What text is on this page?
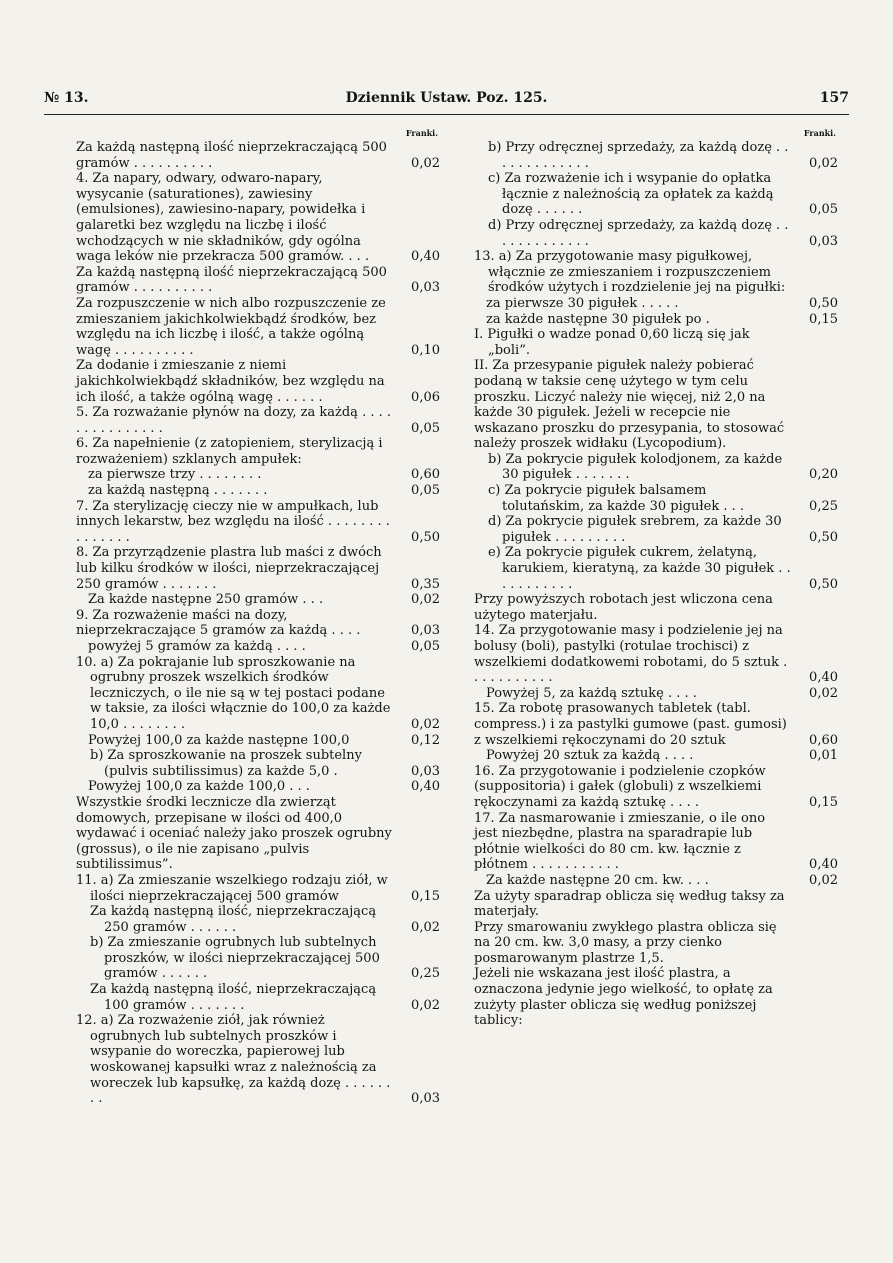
№ 13.	Dziennik Ustaw. Poz. 125.	157
Franki.
Za każdą następną ilość nieprzekraczającą 500 gramów . . . . . . . . . .	0,02
4. Za napary, odwary, odwaro-napary, wysycanie (saturationes), zawiesiny (emulsiones), zawiesino-napary, powidełka i galaretki bez względu na liczbę i ilość wchodzących w nie składników, gdy ogólna waga leków nie przekracza 500 gramów. . . .	0,40
Za każdą następną ilość nieprzekraczającą 500 gramów . . . . . . . . . .	0,03
Za rozpuszczenie w nich albo rozpuszczenie ze zmieszaniem jakichkolwiekbądź środków, bez względu na ich liczbę i ilość, a także ogólną wagę . . . . . . . . . .	0,10
Za dodanie i zmieszanie z niemi jakichkolwiekbądź składników, bez względu na ich ilość, a także ogólną wagę . . . . . .	0,06
5. Za rozważanie płynów na dozy, za każdą . . . . . . . . . . . . . . .	0,05
6. Za napełnienie (z zatopieniem, sterylizacją i rozważeniem) szklanych ampułek:
za pierwsze trzy . . . . . . . .	0,60
za każdą następną . . . . . . .	0,05
7. Za sterylizację cieczy nie w ampułkach, lub innych lekarstw, bez względu na ilość . . . . . . . . . . . . . . .	0,50
8. Za przyrządzenie plastra lub maści z dwóch lub kilku środków w ilości, nieprzekraczającej 250 gramów . . . . . . .	0,35
Za każde następne 250 gramów . . .	0,02
9. Za rozważenie maści na dozy, nieprzekraczające 5 gramów za każdą . . . .	0,03
powyżej 5 gramów za każdą . . . .	0,05
10. a) Za pokrajanie lub sproszkowanie na ogrubny proszek wszelkich środków leczniczych, o ile nie są w tej postaci podane w taksie, za ilości włącznie do 100,0 za każde 10,0 . . . . . . . .	0,02
Powyżej 100,0 za każde następne 100,0	0,12
b) Za sproszkowanie na proszek subtelny (pulvis subtilissimus) za każde 5,0 .	0,03
Powyżej 100,0 za każde 100,0 . . .	0,40
Wszystkie środki lecznicze dla zwierząt domowych, przepisane w ilości od 400,0 wydawać i oceniać należy jako proszek ogrubny (grossus), o ile nie zapisano „pulvis subtilissimus”.
11. a) Za zmieszanie wszelkiego rodzaju ziół, w ilości nieprzekraczającej 500 gramów	0,15
Za każdą następną ilość, nieprzekraczającą 250 gramów . . . . . .	0,02
b) Za zmieszanie ogrubnych lub subtelnych proszków, w ilości nieprzekraczającej 500 gramów . . . . . .	0,25
Za każdą następną ilość, nieprzekraczającą 100 gramów . . . . . . .	0,02
12. a) Za rozważenie ziół, jak również ogrubnych lub subtelnych proszków i wsypanie do woreczka, papierowej lub woskowanej kapsułki wraz z należnością za woreczek lub kapsułkę, za każdą dozę . . . . . . . .	0,03
Franki.
b) Przy odręcznej sprzedaży, za każdą dozę . . . . . . . . . . . . .	0,02
c) Za rozważenie ich i wsypanie do opłatka łącznie z należnością za opłatek za każdą dozę . . . . . .	0,05
d) Przy odręcznej sprzedaży, za każdą dozę . . . . . . . . . . . . .	0,03
13. a) Za przygotowanie masy pigułkowej, włącznie ze zmieszaniem i rozpuszczeniem środków użytych i rozdzielenie jej na pigułki:
za pierwsze 30 pigułek . . . . .	0,50
za każde następne 30 pigułek po .	0,15
I. Pigułki o wadze ponad 0,60 liczą się jak „boli”.
II. Za przesypanie pigułek należy pobierać podaną w taksie cenę użytego w tym celu proszku. Liczyć należy nie więcej, niż 2,0 na każde 30 pigułek. Jeżeli w recepcie nie wskazano proszku do przesypania, to stosować należy proszek widłaku (Lycopodium).
b) Za pokrycie pigułek kolodjonem, za każde 30 pigułek . . . . . . .	0,20
c) Za pokrycie pigułek balsamem tolutańskim, za każde 30 pigułek . . .	0,25
d) Za pokrycie pigułek srebrem, za każde 30 pigułek . . . . . . . . .	0,50
e) Za pokrycie pigułek cukrem, żelatyną, karukiem, kieratyną, za każde 30 pigułek . . . . . . . . . . .	0,50
Przy powyższych robotach jest wliczona cena użytego materjału.
14. Za przygotowanie masy i podzielenie jej na bolusy (boli), pastylki (rotulae trochisci) z wszelkiemi dodatkowemi robotami, do 5 sztuk . . . . . . . . . . .	0,40
Powyżej 5, za każdą sztukę . . . .	0,02
15. Za robotę prasowanych tabletek (tabl. compress.) i za pastylki gumowe (past. gumosi) z wszelkiemi rękoczynami do 20 sztuk	0,60
Powyżej 20 sztuk za każdą . . . .	0,01
16. Za przygotowanie i podzielenie czopków (suppositoria) i gałek (globuli) z wszelkiemi rękoczynami za każdą sztukę . . . .	0,15
17. Za nasmarowanie i zmieszanie, o ile ono jest niezbędne, plastra na sparadrapie lub płótnie wielkości do 80 cm. kw. łącznie z płótnem . . . . . . . . . . .	0,40
Za każde następne 20 cm. kw. . . .	0,02
Za użyty sparadrap oblicza się według taksy za materjały.
Przy smarowaniu zwykłego plastra oblicza się na 20 cm. kw. 3,0 masy, a przy cienko posmarowanym plastrze 1,5.
Jeżeli nie wskazana jest ilość plastra, a oznaczona jedynie jego wielkość, to opłatę za zużyty plaster oblicza się według poniższej tablicy:
